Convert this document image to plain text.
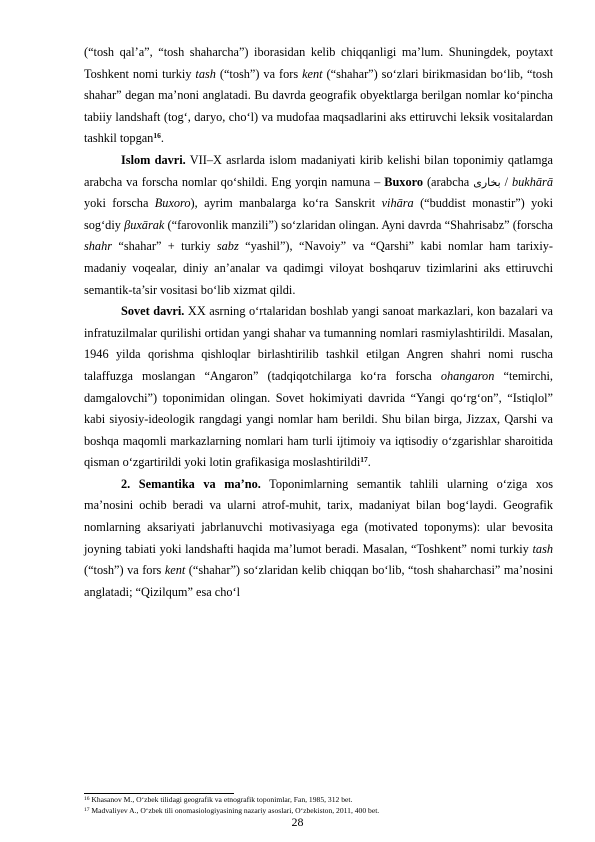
(“tosh qal’a”, “tosh shaharcha”) iborasidan kelib chiqqanligi ma’lum. Shuningdek, poytaxt Toshkent nomi turkiy tash (“tosh”) va fors kent (“shahar”) so‘zlari birikmasidan bo‘lib, “tosh shahar” degan ma’noni anglatadi. Bu davrda geografik obyektlarga berilgan nomlar ko‘pincha tabiiy landshaft (tog‘, daryo, cho‘l) va mudofaa maqsadlarini aks ettiruvchi leksik vositalardan tashkil topgan$^{16}$.

Islom davri. VII–X asrlarda islom madaniyati kirib kelishi bilan toponimiy qatlamga arabcha va forscha nomlar qo‘shildi. Eng yorqin namuna – Buxoro (arabcha بخارى / bukhārā yoki forscha Buxoro), ayrim manbalarga ko‘ra Sanskrit vihāra (“buddist monastir”) yoki sog‘diy βuxārak (“farovonlik manzili”) so‘zlaridan olingan. Ayni davrda “Shahrisabz” (forscha shahr “shahar” + turkiy sabz “yashil”), “Navoiy” va “Qarshi” kabi nomlar ham tarixiy-madaniy voqealar, diniy an’analar va qadimgi viloyat boshqaruv tizimlarini aks ettiruvchi semantik-ta’sir vositasi bo‘lib xizmat qildi.

Sovet davri. XX asrning o‘rtalaridan boshlab yangi sanoat markazlari, kon bazalari va infratuzilmalar qurilishi ortidan yangi shahar va tumanning nomlari rasmiylashtirildi. Masalan, 1946 yilda qorishma qishloqlar birlashtirilib tashkil etilgan Angren shahri nomi ruscha talaffuzga moslangan “Angaron” (tadqiqotchilarga ko‘ra forscha ohangaron “temirchi, damgalovchi”) toponimidan olingan. Sovet hokimiyati davrida “Yangi qo‘rg‘on”, “Istiqlol” kabi siyosiy-ideologik rangdagi yangi nomlar ham berildi. Shu bilan birga, Jizzax, Qarshi va boshqa maqomli markazlarning nomlari ham turli ijtimoiy va iqtisodiy o‘zgarishlar sharoitida qisman o‘zgartirildi yoki lotin grafikasiga moslashtirildi$^{17}$.

2. Semantika va ma’no. Toponimlarning semantik tahlili ularning o‘ziga xos ma’nosini ochib beradi va ularni atrof-muhit, tarix, madaniyat bilan bog‘laydi. Geografik nomlarning aksariyati jabrlanuvchi motivasiyaga ega (motivated toponyms): ular bevosita joyning tabiati yoki landshafti haqida ma’lumot beradi. Masalan, “Toshkent” nomi turkiy tash (“tosh”) va fors kent (“shahar”) so‘zlaridan kelib chiqqan bo‘lib, “tosh shaharchasi” ma’nosini anglatadi; “Qizilqum” esa cho‘l

$^{16}$ Khasanov M., O‘zbek tilidagi geografik va etnografik toponimlar, Fan, 1985, 312 bet.
$^{17}$ Madvaliyev A., O‘zbek tili onomasiologiyasining nazariy asoslari, O‘zbekiston, 2011, 400 bet.
28
